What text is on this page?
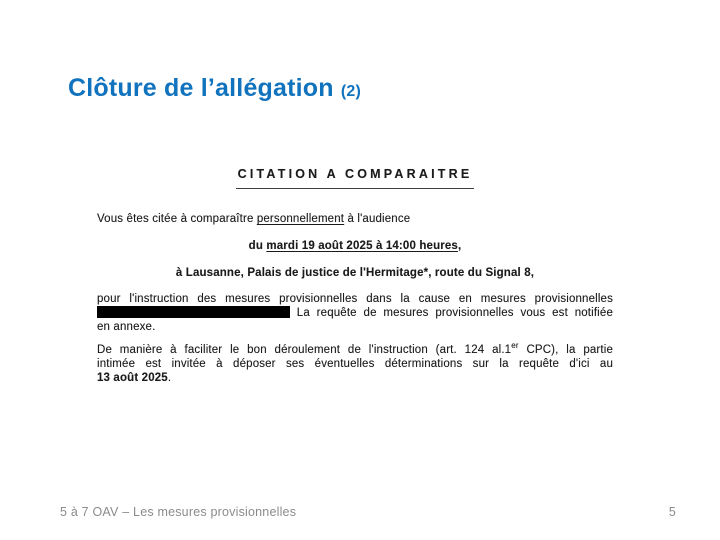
Clôture de l’allégation (2)
CITATION A COMPARAITRE

Vous êtes citée à comparaître personnellement à l'audience

du mardi 19 août 2025 à 14:00 heures,

à Lausanne, Palais de justice de l'Hermitage*, route du Signal 8,

pour l'instruction des mesures provisionnelles dans la cause en mesures provisionnelles

La requête de mesures provisionnelles vous est notifiée

en annexe.

De manière à faciliter le bon déroulement de l'instruction (art. 124 al.1er CPC), la partie

intimée est invitée à déposer ses éventuelles déterminations sur la requête d'ici au

13 août 2025.

5 à 7 OAV – Les mesures provisionnelles	5
